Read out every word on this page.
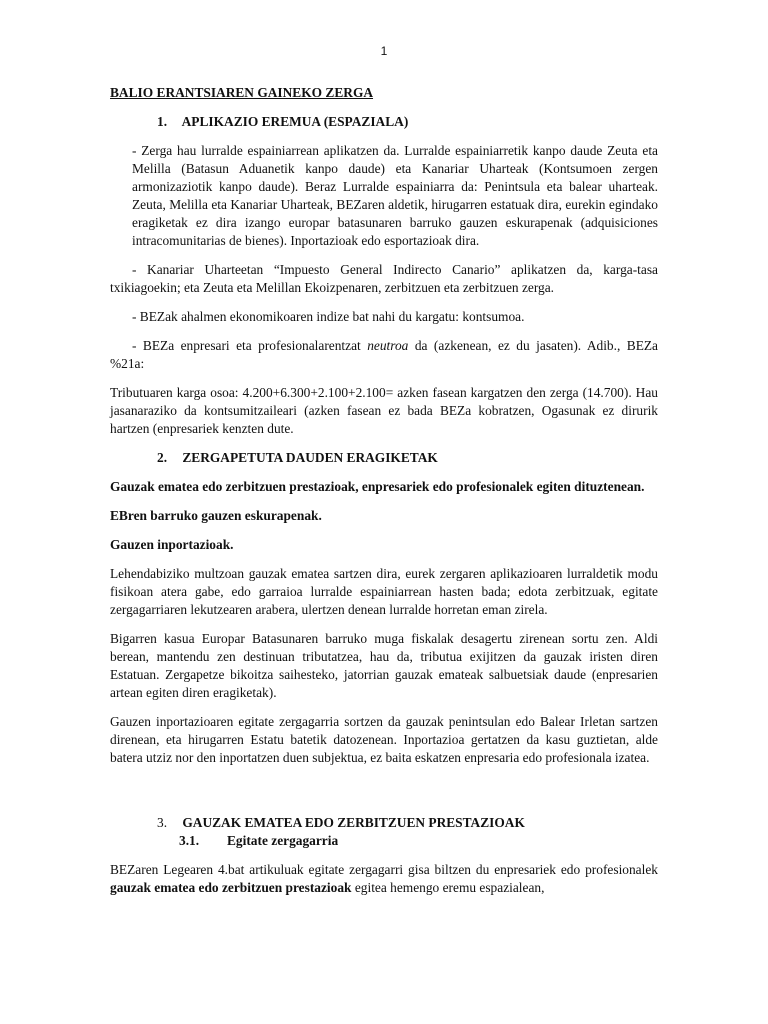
1

BALIO ERANTSIAREN GAINEKO ZERGA

1. APLIKAZIO EREMUA (ESPAZIALA)

- Zerga hau lurralde espainiarrean aplikatzen da. Lurralde espainiarretik kanpo daude Zeuta eta Melilla (Batasun Aduanetik kanpo daude) eta Kanariar Uharteak (Kontsumoen zergen armonizaziotik kanpo daude). Beraz Lurralde espainiarra da: Penintsula eta balear uharteak. Zeuta, Melilla eta Kanariar Uharteak, BEZaren aldetik, hirugarren estatuak dira, eurekin egindako eragiketak ez dira izango europar batasunaren barruko gauzen eskurapenak (adquisiciones intracomunitarias de bienes). Inportazioak edo esportazioak dira.

- Kanariar Uharteetan “Impuesto General Indirecto Canario” aplikatzen da, karga-tasa txikiagoekin; eta Zeuta eta Melillan Ekoizpenaren, zerbitzuen eta zerbitzuen zerga.

- BEZak ahalmen ekonomikoaren indize bat nahi du kargatu: kontsumoa.

- BEZa enpresari eta profesionalarentzat neutroa da (azkenean, ez du jasaten). Adib., BEZa %21a:

Tributuaren karga osoa: 4.200+6.300+2.100+2.100= azken fasean kargatzen den zerga (14.700). Hau jasanaraziko da kontsumitzaileari (azken fasean ez bada BEZa kobratzen, Ogasunak ez dirurik hartzen (enpresariek kenzten dute.

2. ZERGAPETUTA DAUDEN ERAGIKETAK

Gauzak ematea edo zerbitzuen prestazioak, enpresariek edo profesionalek egiten dituztenean.

EBren barruko gauzen eskurapenak.

Gauzen inportazioak.

Lehendabiziko multzoan gauzak ematea sartzen dira, eurek zergaren aplikazioaren lurraldetik modu fisikoan atera gabe, edo garraioa lurralde espainiarrean hasten bada; edota zerbitzuak, egitate zergagarriaren lekutzearen arabera, ulertzen denean lurralde horretan eman zirela.

Bigarren kasua Europar Batasunaren barruko muga fiskalak desagertu zirenean sortu zen. Aldi berean, mantendu zen destinuan tributatzea, hau da, tributua exijitzen da gauzak iristen diren Estatuan. Zergapetze bikoitza saihesteko, jatorrian gauzak emateak salbuetsiak daude (enpresarien artean egiten diren eragiketak).

Gauzen inportazioaren egitate zergagarria sortzen da gauzak penintsulan edo Balear Irletan sartzen direnean, eta hirugarren Estatu batetik datozenean. Inportazioa gertatzen da kasu guztietan, alde batera utziz nor den inportatzen duen subjektua, ez baita eskatzen enpresaria edo profesionala izatea.

3. GAUZAK EMATEA EDO ZERBITZUEN PRESTAZIOAK

3.1. Egitate zergagarria

BEZaren Legearen 4.bat artikuluak egitate zergagarri gisa biltzen du enpresariek edo profesionalek gauzak ematea edo zerbitzuen prestazioak egitea hemengo eremu espazialean,
